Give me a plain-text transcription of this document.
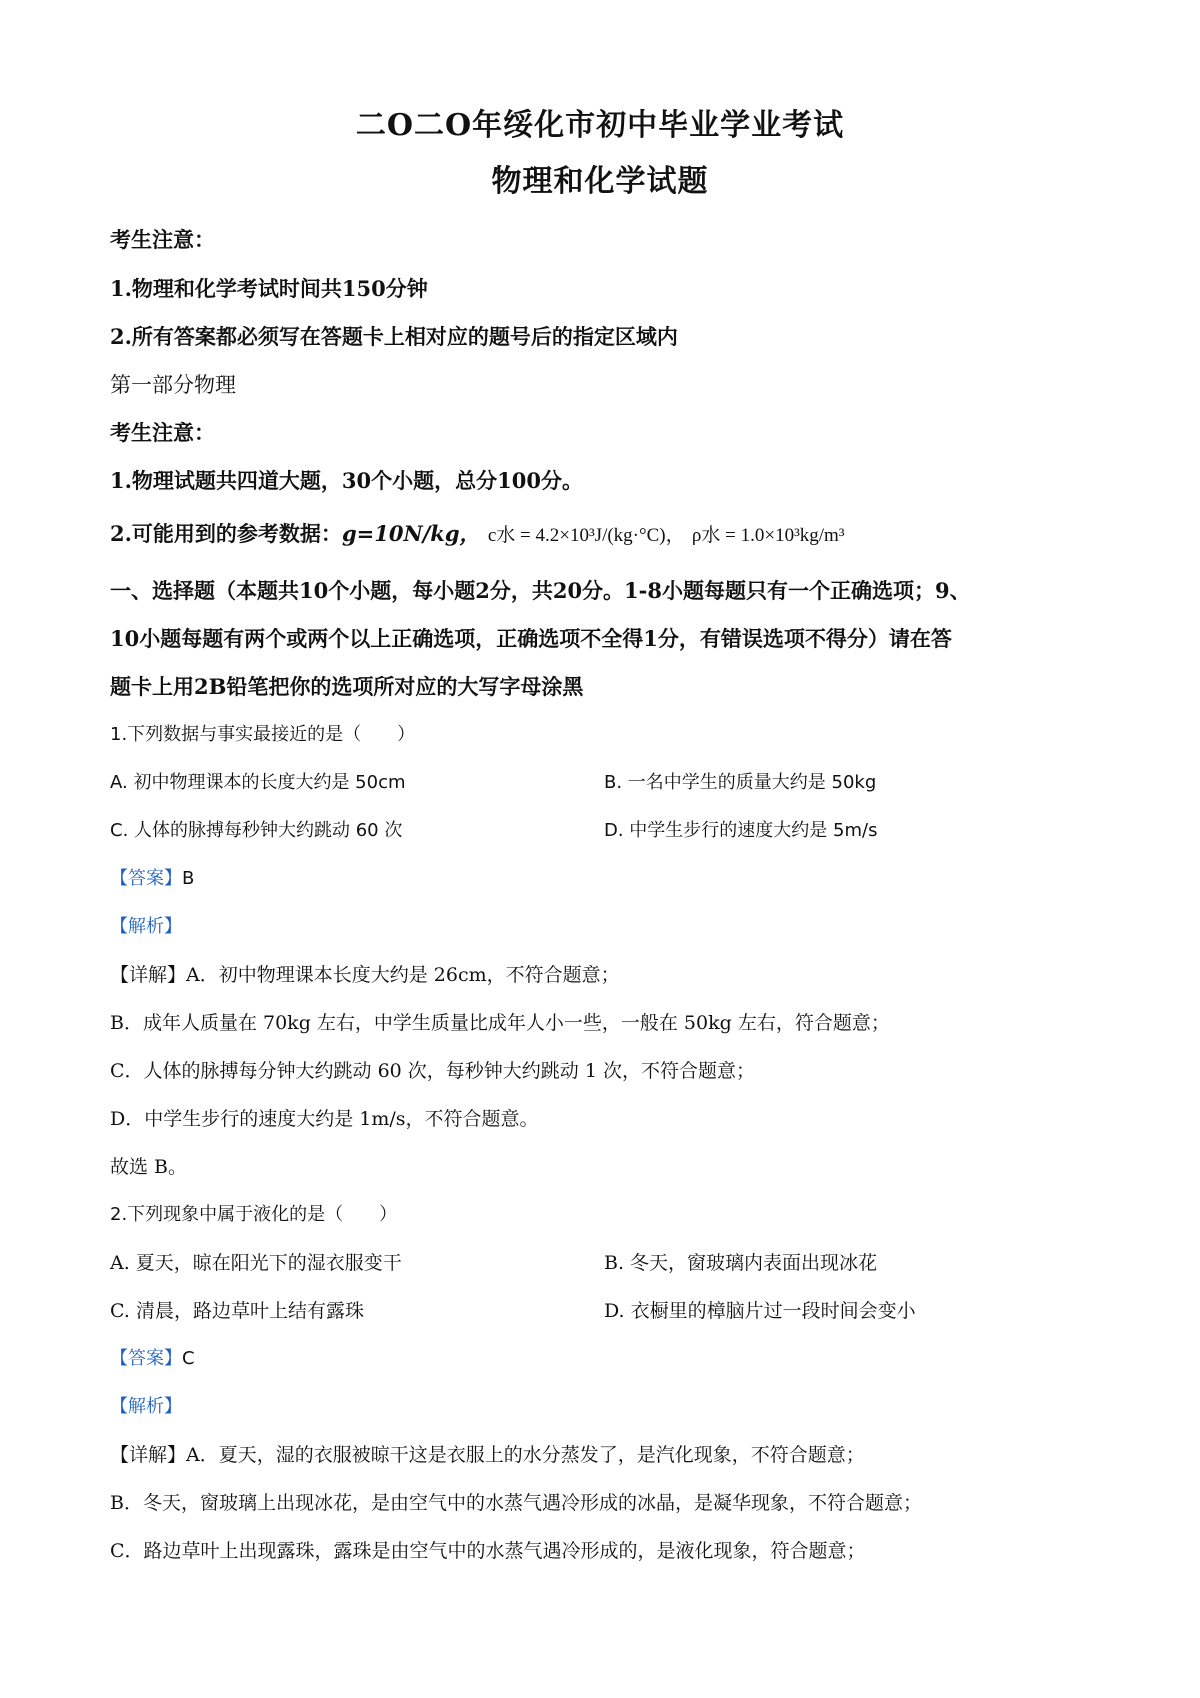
二O二O年绥化市初中毕业学业考试
物理和化学试题
考生注意：
1.物理和化学考试时间共150分钟
2.所有答案都必须写在答题卡上相对应的题号后的指定区域内
第一部分物理
考生注意：
1.物理试题共四道大题，30个小题，总分100分。
2.可能用到的参考数据：g=10N/kg， c水 = 4.2×10³J/(kg·°C)， ρ水 = 1.0×10³kg/m³
一、选择题（本题共10个小题，每小题2分，共20分。1-8小题每题只有一个正确选项；9、
10小题每题有两个或两个以上正确选项，正确选项不全得1分，有错误选项不得分）请在答
题卡上用2B铅笔把你的选项所对应的大写字母涂黑
1.下列数据与事实最接近的是（　　）
A. 初中物理课本的长度大约是 50cm	B. 一名中学生的质量大约是 50kg
C. 人体的脉搏每秒钟大约跳动 60 次	D. 中学生步行的速度大约是 5m/s
【答案】B
【解析】
【详解】A．初中物理课本长度大约是 26cm，不符合题意；
B．成年人质量在 70kg 左右，中学生质量比成年人小一些，一般在 50kg 左右，符合题意；
C．人体的脉搏每分钟大约跳动 60 次，每秒钟大约跳动 1 次，不符合题意；
D．中学生步行的速度大约是 1m/s，不符合题意。
故选 B。
2.下列现象中属于液化的是（　　）
A. 夏天，晾在阳光下的湿衣服变干	B. 冬天，窗玻璃内表面出现冰花
C. 清晨，路边草叶上结有露珠	D. 衣橱里的樟脑片过一段时间会变小
【答案】C
【解析】
【详解】A．夏天，湿的衣服被晾干这是衣服上的水分蒸发了，是汽化现象，不符合题意；
B．冬天，窗玻璃上出现冰花，是由空气中的水蒸气遇冷形成的冰晶，是凝华现象，不符合题意；
C．路边草叶上出现露珠，露珠是由空气中的水蒸气遇冷形成的，是液化现象，符合题意；
